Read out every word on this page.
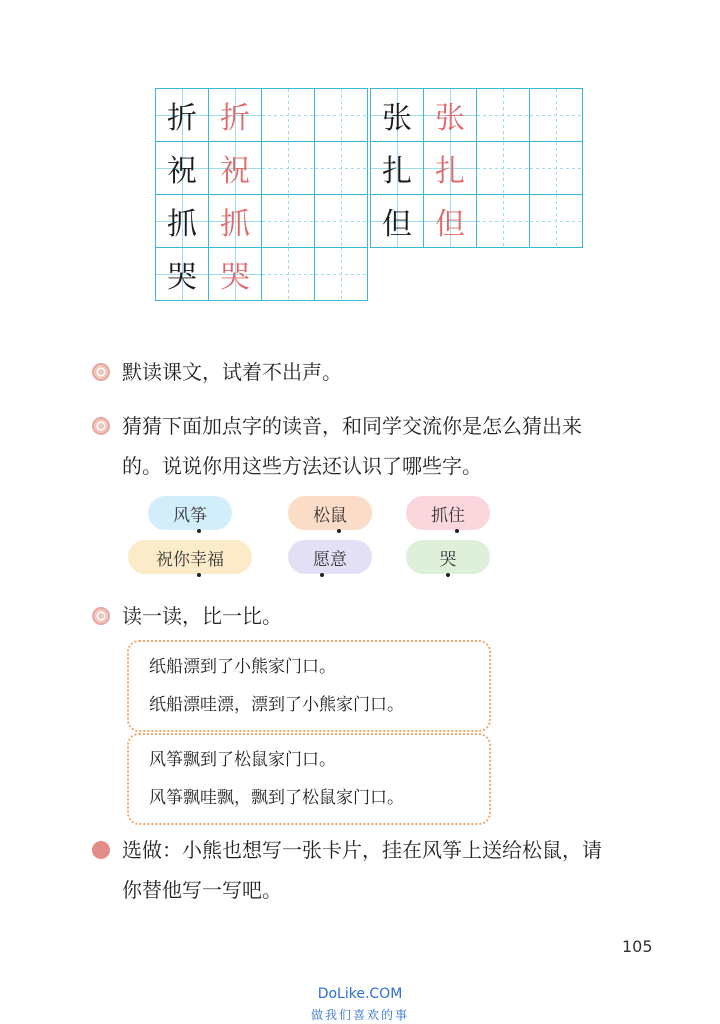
折 折
祝 祝
抓 抓
哭 哭
张 张
扎 扎
但 但
默读课文，试着不出声。
猜猜下面加点字的读音，和同学交流你是怎么猜出来
的。说说你用这些方法还认识了哪些字。
风 筝	松 鼠	抓 住
祝你 幸 福	愿 意	哭
读一读，比一比。
纸船漂到了小熊家门口。
纸船漂哇漂，漂到了小熊家门口。
风筝飘到了松鼠家门口。
风筝飘哇飘，飘到了松鼠家门口。
选做：小熊也想写一张卡片，挂在风筝上送给松鼠，请
你替他写一写吧。
105
DoLike.COM
做我们喜欢的事
